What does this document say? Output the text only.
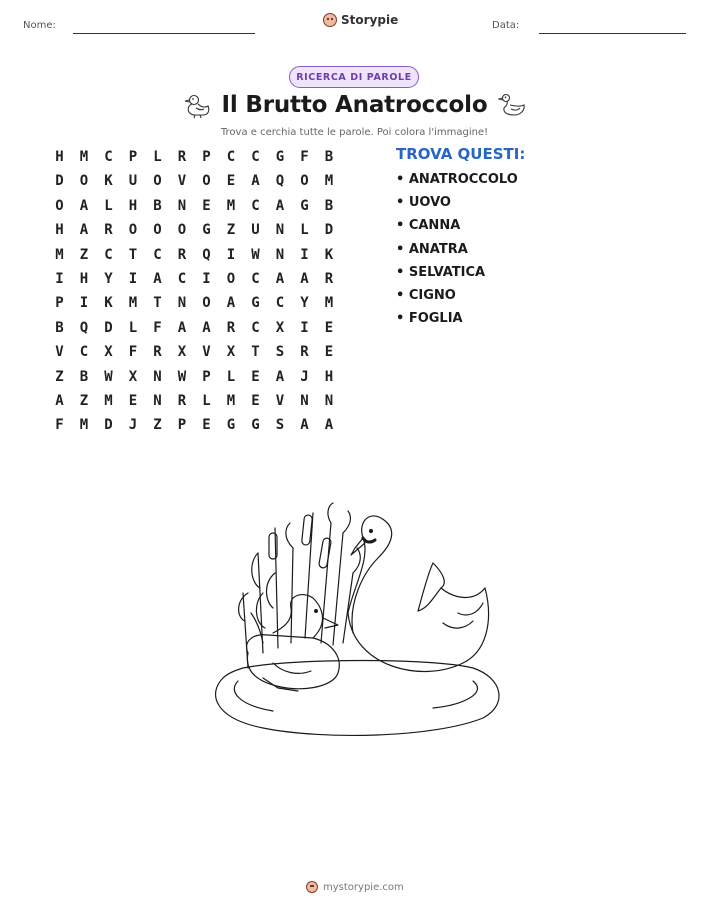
Nome:	Storypie	Data:
RICERCA DI PAROLE
Il Brutto Anatroccolo
Trova e cerchia tutte le parole. Poi colora l'immagine!
H	M	C	P	L	R	P	C	C	G	F	B
D	O	K	U	O	V	O	E	A	Q	O	M
O	A	L	H	B	N	E	M	C	A	G	B
H	A	R	O	O	O	G	Z	U	N	L	D
M	Z	C	T	C	R	Q	I	W	N	I	K
I	H	Y	I	A	C	I	O	C	A	A	R
P	I	K	M	T	N	O	A	G	C	Y	M
B	Q	D	L	F	A	A	R	C	X	I	E
V	C	X	F	R	X	V	X	T	S	R	E
Z	B	W	X	N	W	P	L	E	A	J	H
A	Z	M	E	N	R	L	M	E	V	N	N
F	M	D	J	Z	P	E	G	G	S	A	A
TROVA QUESTI:
• ANATROCCOLO
• UOVO
• CANNA
• ANATRA
• SELVATICA
• CIGNO
• FOGLIA
mystorypie.com
